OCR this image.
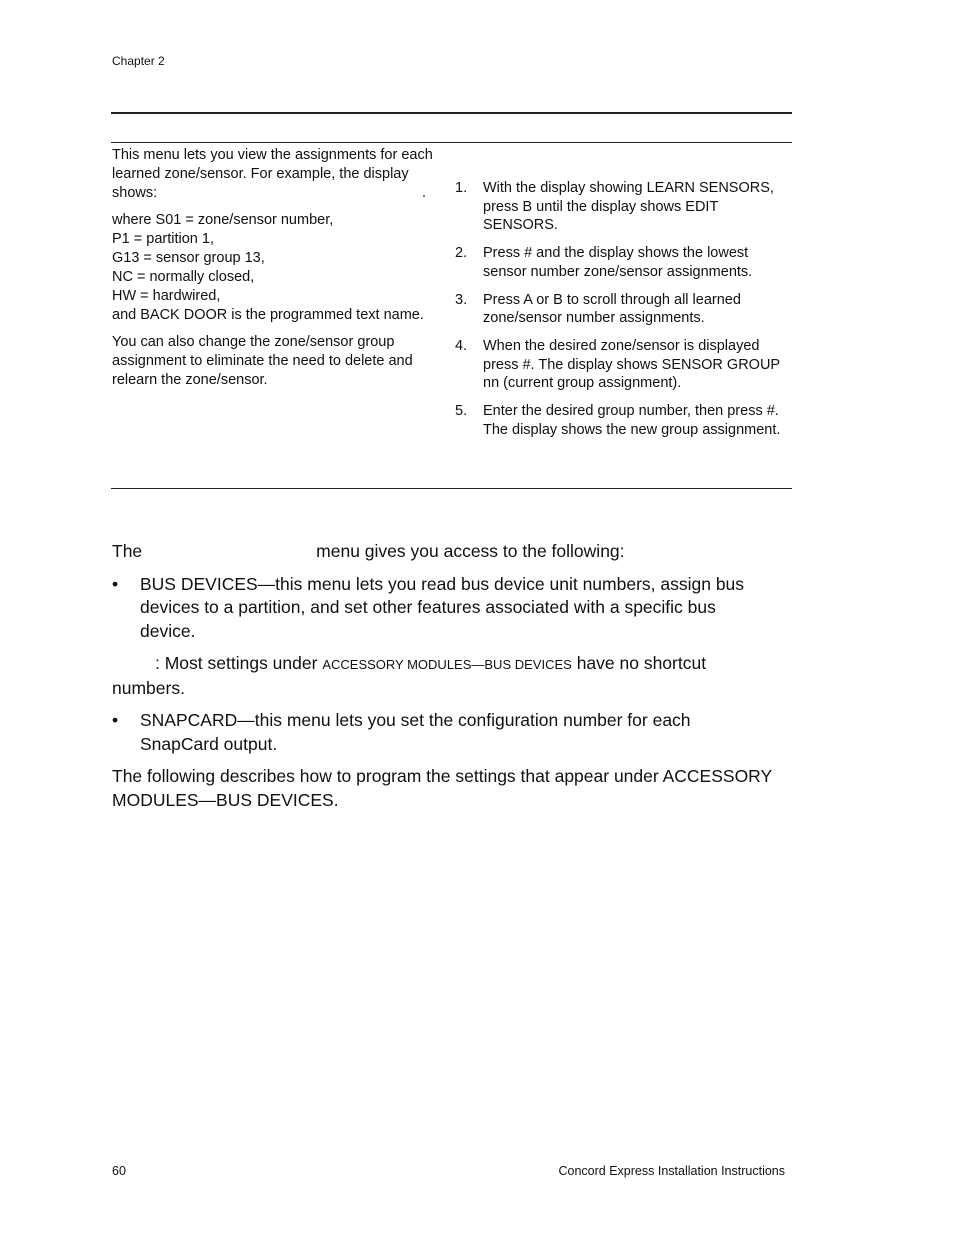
Chapter 2

This menu lets you view the assignments for each learned zone/sensor. For example, the display shows:	.

where S01 = zone/sensor number,
P1 = partition 1,
G13 = sensor group 13,
NC = normally closed,
HW = hardwired,
and BACK DOOR is the programmed text name.

You can also change the zone/sensor group assignment to eliminate the need to delete and relearn the zone/sensor.

1.	With the display showing LEARN SENSORS, press B until the display shows EDIT SENSORS.
2.	Press # and the display shows the lowest sensor number zone/sensor assignments.
3.	Press A or B to scroll through all learned zone/sensor number assignments.
4.	When the desired zone/sensor is displayed press #. The display shows SENSOR GROUP nn (current group assignment).
5.	Enter the desired group number, then press #. The display shows the new group assignment.

The	menu gives you access to the following:

•	BUS DEVICES—this menu lets you read bus device unit numbers, assign bus devices to a partition, and set other features associated with a specific bus device.

: Most settings under ACCESSORY MODULES—BUS DEVICES have no shortcut numbers.

•	SNAPCARD—this menu lets you set the configuration number for each SnapCard output.

The following describes how to program the settings that appear under ACCESSORY MODULES—BUS DEVICES.

60	Concord Express Installation Instructions
